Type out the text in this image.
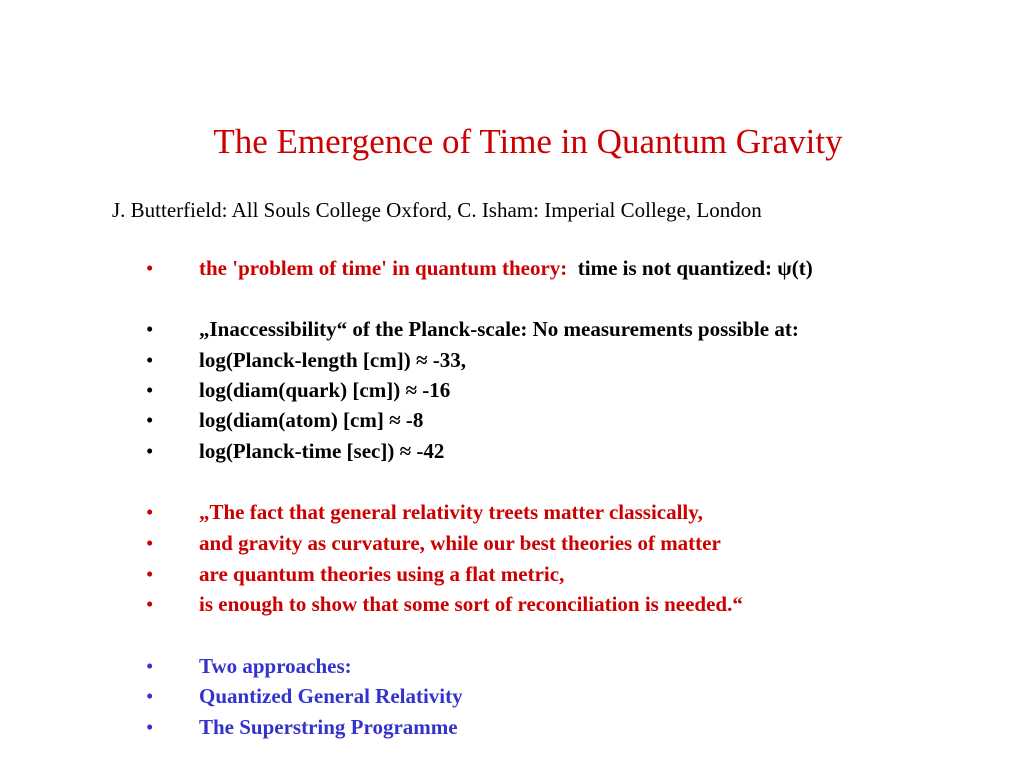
The Emergence of Time in Quantum Gravity
J. Butterfield: All Souls College Oxford, C. Isham: Imperial College, London
• the 'problem of time' in quantum theory: time is not quantized: ψ(t)
• „Inaccessibility“ of the Planck-scale: No measurements possible at:
• log(Planck-length [cm]) ≈ -33,
• log(diam(quark) [cm]) ≈ -16
• log(diam(atom) [cm] ≈ -8
• log(Planck-time [sec]) ≈ -42
• „The fact that general relativity treets matter classically,
• and gravity as curvature, while our best theories of matter
• are quantum theories using a flat metric,
• is enough to show that some sort of reconciliation is needed.“
• Two approaches:
• Quantized General Relativity
• The Superstring Programme
